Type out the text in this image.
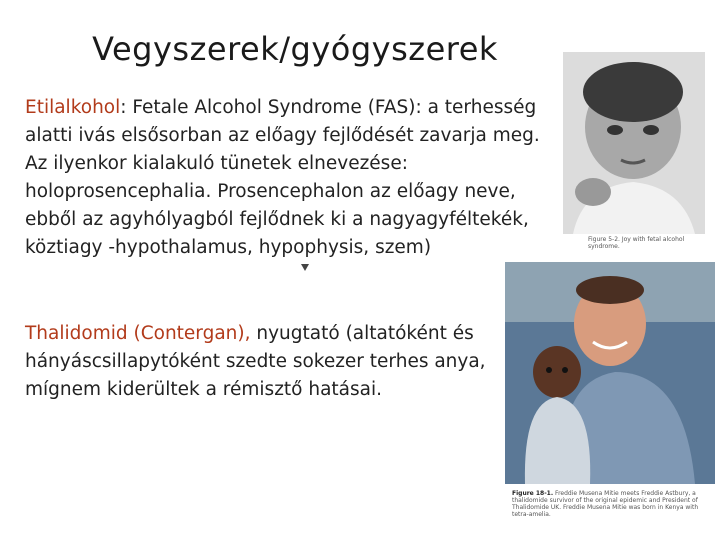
Vegyszerek/gyógyszerek
Etilalkohol: Fetale Alcohol Syndrome (FAS): a terhesség alatti ivás elsősorban az előagy fejlődését zavarja meg. Az ilyenkor kialakuló tünetek elnevezése: holoprosencephalia. Prosencephalon az előagy neve, ebből az agyhólyagból fejlődnek ki a nagyagyféltekék, köztiagy -hypothalamus, hypophysis, szem)
Thalidomid (Contergan), nyugtató (altatóként és hányáscsillapytóként szedte sokezer terhes anya, mígnem kiderültek a rémisztő hatásai.
Figure 5-2. Joy with fetal alcohol syndrome.
Figure 18-1. Freddie Musena Mitie meets Freddie Astbury, a thalidomide survivor of the original epidemic and President of Thalidomide UK. Freddie Musena Mitie was born in Kenya with tetra-amelia.
